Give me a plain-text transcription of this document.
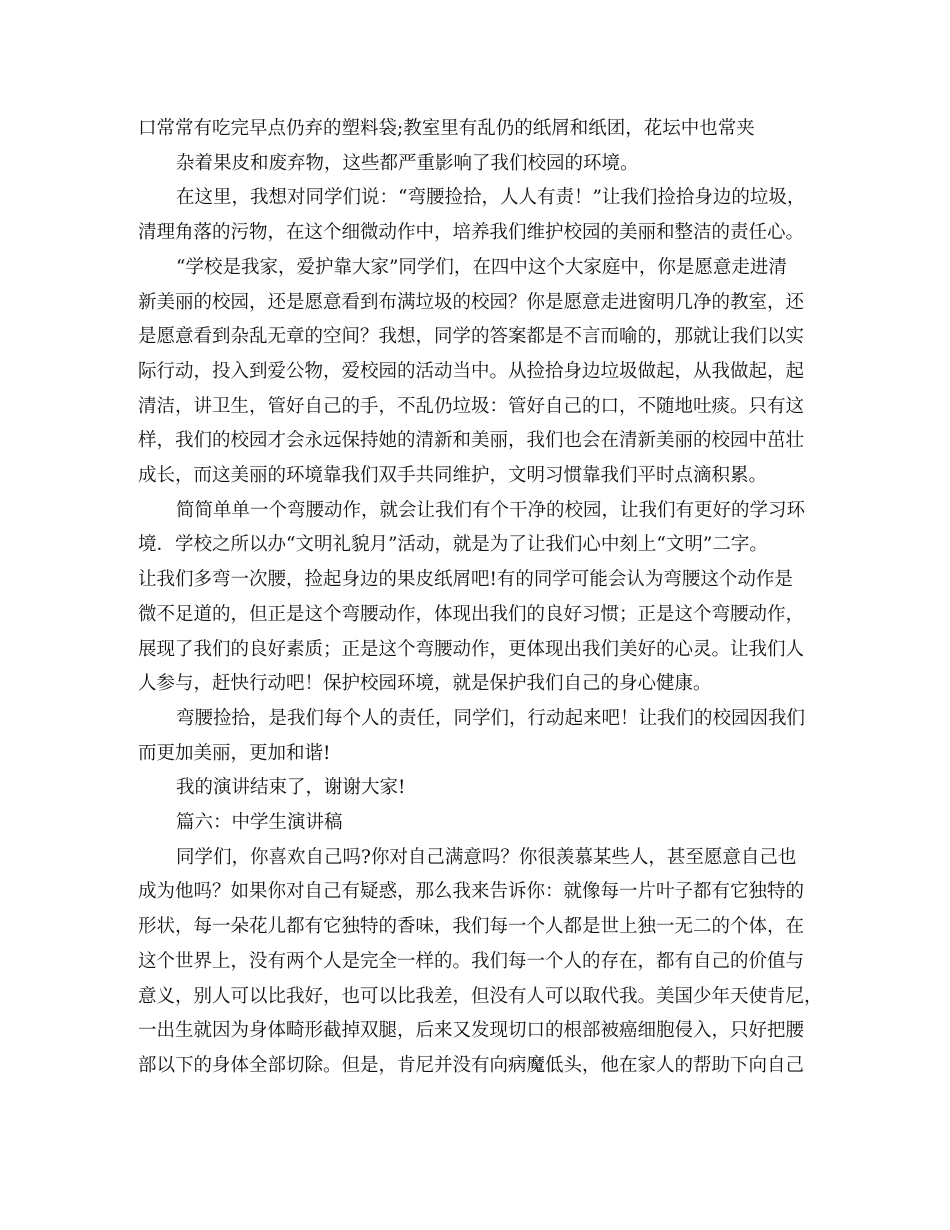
口常常有吃完早点仍弃的塑料袋;教室里有乱仍的纸屑和纸团，花坛中也常夹
杂着果皮和废弃物，这些都严重影响了我们校园的环境。
在这里，我想对同学们说：“弯腰捡拾，人人有责！”让我们捡拾身边的垃圾，
清理角落的污物，在这个细微动作中，培养我们维护校园的美丽和整洁的责任心。
“学校是我家，爱护靠大家”同学们，在四中这个大家庭中，你是愿意走进清
新美丽的校园，还是愿意看到布满垃圾的校园？你是愿意走进窗明几净的教室，还
是愿意看到杂乱无章的空间？我想，同学的答案都是不言而喻的，那就让我们以实
际行动，投入到爱公物，爱校园的活动当中。从捡拾身边垃圾做起，从我做起，起
清洁，讲卫生，管好自己的手，不乱仍垃圾：管好自己的口，不随地吐痰。只有这
样，我们的校园才会永远保持她的清新和美丽，我们也会在清新美丽的校园中茁壮
成长，而这美丽的环境靠我们双手共同维护，文明习惯靠我们平时点滴积累。
简简单单一个弯腰动作，就会让我们有个干净的校园，让我们有更好的学习环
境．学校之所以办“文明礼貌月”活动，就是为了让我们心中刻上“文明”二字。
让我们多弯一次腰，捡起身边的果皮纸屑吧!有的同学可能会认为弯腰这个动作是
微不足道的，但正是这个弯腰动作，体现出我们的良好习惯；正是这个弯腰动作，
展现了我们的良好素质；正是这个弯腰动作，更体现出我们美好的心灵。让我们人
人参与，赶快行动吧！保护校园环境，就是保护我们自己的身心健康。
弯腰捡拾，是我们每个人的责任，同学们，行动起来吧！让我们的校园因我们
而更加美丽，更加和谐!
我的演讲结束了，谢谢大家!
篇六：中学生演讲稿
同学们，你喜欢自己吗?你对自己满意吗？你很羡慕某些人，甚至愿意自己也
成为他吗？如果你对自己有疑惑，那么我来告诉你：就像每一片叶子都有它独特的
形状，每一朵花儿都有它独特的香味，我们每一个人都是世上独一无二的个体，在
这个世界上，没有两个人是完全一样的。我们每一个人的存在，都有自己的价值与
意义，别人可以比我好，也可以比我差，但没有人可以取代我。美国少年天使肯尼，
一出生就因为身体畸形截掉双腿，后来又发现切口的根部被癌细胞侵入，只好把腰
部以下的身体全部切除。但是，肯尼并没有向病魔低头，他在家人的帮助下向自己
